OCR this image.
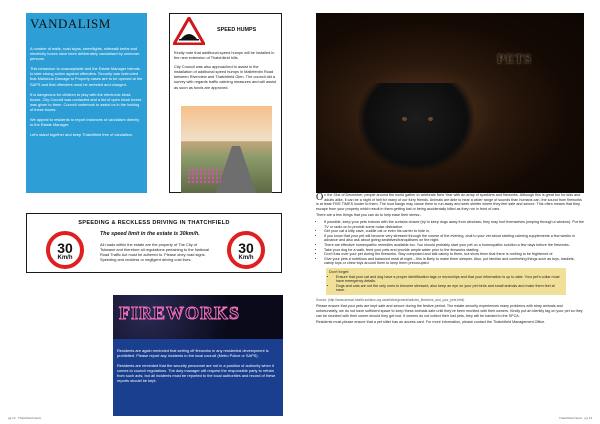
VANDALISM

A number of walls, road signs, streetlights, sidewalk kerbs and electricity boxes have been deliberately vandalised by unknown persons.

This behaviour is unacceptable and the Estate Manager intends to take strong action against offenders. Security was instructed that Malicious Damage to Property cases are to be opened at the SAPS and that offenders must be arrested and charged.

It is dangerous for children to play with the electronic kiosk boxes. City Council was contacted and a list of open kiosk boxes was given to them. Council undertook to assist us in the locking of these boxes.

We appeal to residents to report instances of vandalism directly to the Estate Manager.

Let's stand together and keep Thatchfield free of vandalism.

SPEED HUMPS

Kindly note that additional speed humps will be installed in the new extension of Thatchfield hills.

City Council was also approached to assist in the installation of additional speed humps in Mallefentin Road between Riverview and Thatchfield Glen. The council did a survey with regards traffic calming measures and will assist as soon as funds are approved.

SPEEDING & RECKLESS DRIVING IN THATCHFIELD
30
Km/h

The speed limit in the estate is 30km/h.

All roads within the estate are the property of The City of Tshwane and therefore all regulations pertaining to the National Road Traffic Act must be adhered to. Please obey road signs. Speeding and reckless or negligent driving cost lives.

30
Km/h
FIREWORKS

Residents are again reminded that setting off fireworks in any residential development is prohibited. Please report any incidents to the local council (Metro Police or SAPS).

Residents are reminded that the security personnel are not in a position of authority when it comes to council regulations. The duty manager will request the responsible party to refrain from such acts, but all incidents must be reported to the local authorities and record of these reports should be kept.

pg 12 Thatchfield News
PETS

On the 31st of December, people around the world gather to celebrate New Year with an array of sparklers and fireworks. Although this is great fun for kids and adults alike, it can be a night of hell for many of our furry friends. Animals are able to hear a wider range of sounds than humans can, the sound from fireworks is at least FIVE TIMES louder to them. The loud bangs may cause them to run away and seek shelter where they feel safe and secure. This often means that they escape from your property which result in them getting lost or being accidentally killed as they run in front of cars.

There are a few things that you can do to help ease their stress:-

• If possible, keep your pets indoors with the curtains closed (try to keep dogs away from windows; they may hurt themselves jumping through a window). Put the TV or radio on to provide some noise distraction.
• Get your cat a kitty cave, cuddle cat or even his carrier to hide in.
• If you know that your pet will become very stressed through the course of the evening, chat to your vet about starting calming supplements a few weeks in advance and also ask about giving sedatives/tranquilisers on the night.
• There are effective homeopathic remedies available too. You should probably start your pet on a homeopathic solution a few days before the fireworks.
• Take your dog for a walk, feed your pets and provide ample water prior to the fireworks starting.
• Don't fuss over your pet during the fireworks. Stay composed and talk calmly to them, but show them that there is nothing to be frightened of.
• Give your pets a nutritious and balanced meal at night – this is likely to make them sleepier. Also, put familiar and comforting things such as toys, baskets, catnip toys or chew toys around them to keep them preoccupied.

Don't forget:

• Ensure that your cat and dog have a proper identification tags or microchips and that your information is up to date. Your pet's collar must have emergency details.
• Dogs and cats are not the only ones to become stressed, also keep an eye on your pet birds and small animals and make them feel at ease.

Source: (http://www.animal-health-solution.org.za/articles/general/articles_fireworks_and_your_pets.html)

Please ensure that your pets are kept safe and secure during the festive period. The estate security experiences many problems with stray animals and unfortunately, we do not have sufficient space to keep these animals safe until they've been reunited with their owners. Kindly put an identity tag on your pet so they can be reunited with their owner should they get lost. If owners do not collect their lost pets, they will be handed to the SPCA.

Residents must please ensure that a pet sitter has an access card. For more information, please contact the Thatchfield Management Office.

Thatchfield News pg 13
